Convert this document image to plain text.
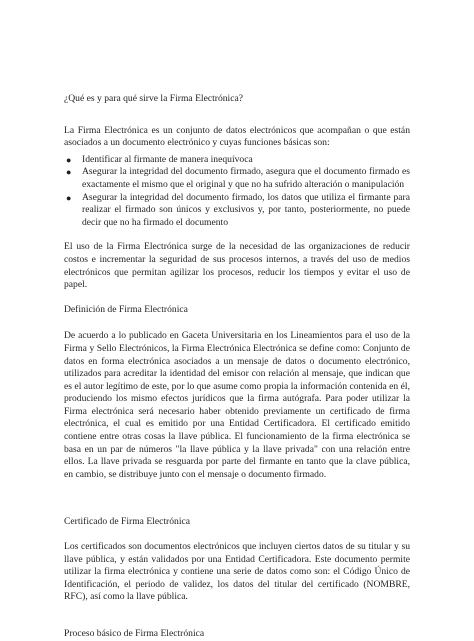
¿Qué es y para qué sirve la Firma Electrónica?

La Firma Electrónica es un conjunto de datos electrónicos que acompañan o que están asociados a un documento electrónico y cuyas funciones básicas son:

● Identificar al firmante de manera inequívoca
● Asegurar la integridad del documento firmado, asegura que el documento firmado es exactamente el mismo que el original y que no ha sufrido alteración o manipulación
● Asegurar la integridad del documento firmado, los datos que utiliza el firmante para realizar el firmado son únicos y exclusivos y, por tanto, posteriormente, no puede decir que no ha firmado el documento

El uso de la Firma Electrónica surge de la necesidad de las organizaciones de reducir costos e incrementar la seguridad de sus procesos internos, a través del uso de medios electrónicos que permitan agilizar los procesos, reducir los tiempos y evitar el uso de papel.

Definición de Firma Electrónica

De acuerdo a lo publicado en Gaceta Universitaria en los Lineamientos para el uso de la Firma y Sello Electrónicos, la Firma Electrónica Electrónica se define como: Conjunto de datos en forma electrónica asociados a un mensaje de datos o documento electrónico, utilizados para acreditar la identidad del emisor con relación al mensaje, que indican que es el autor legítimo de este, por lo que asume como propia la información contenida en él, produciendo los mismo efectos jurídicos que la firma autógrafa. Para poder utilizar la Firma electrónica será necesario haber obtenido previamente un certificado de firma electrónica, el cual es emitido por una Entidad Certificadora. El certificado emitido contiene entre otras cosas la llave pública. El funcionamiento de la firma electrónica se basa en un par de números "la llave pública y la llave privada" con una relación entre ellos. La llave privada se resguarda por parte del firmante en tanto que la clave pública, en cambio, se distribuye junto con el mensaje o documento firmado.

Certificado de Firma Electrónica

Los certificados son documentos electrónicos que incluyen ciertos datos de su titular y su llave pública, y están validados por una Entidad Certificadora. Este documento permite utilizar la firma electrónica y contiene una serie de datos como son: el Código Único de Identificación, el periodo de validez, los datos del titular del certificado (NOMBRE, RFC), así como la llave pública.

Proceso básico de Firma Electrónica
